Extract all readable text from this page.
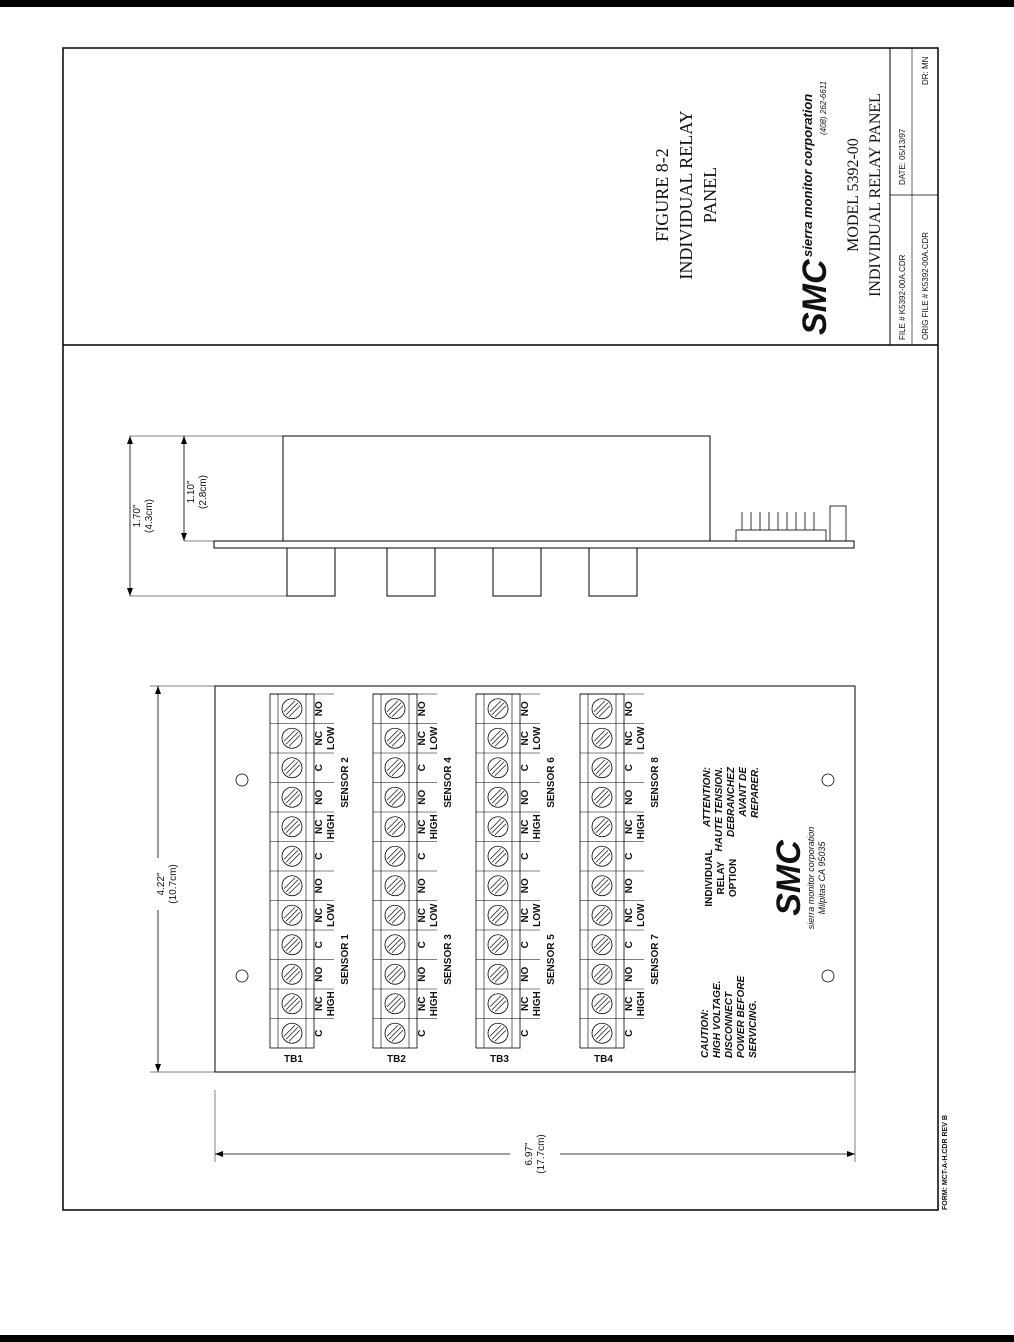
FIGURE 8-2 INDIVIDUAL RELAY PANEL
SMC
sierra monitor corporation (408) 262-6611
MODEL 5392-00 INDIVIDUAL RELAY PANEL
FILE # K5392-00A.CDR
DATE: 05/13/97
ORIG FILE # K5392-00A.CDR
DR: MN
1.70" (4.3cm)
1.10" (2.8cm)
C
NC
NO
C
NC
NO
C
NC
NO
C
NC
NO
HIGH
LOW
HIGH
LOW
SENSOR 1
SENSOR 2
TB1
C
NC
NO
C
NC
NO
C
NC
NO
C
NC
NO
HIGH
LOW
HIGH
LOW
SENSOR 3
SENSOR 4
TB2
C
NC
NO
C
NC
NO
C
NC
NO
C
NC
NO
HIGH
LOW
HIGH
LOW
SENSOR 5
SENSOR 6
TB3
C
NC
NO
C
NC
NO
C
NC
NO
C
NC
NO
HIGH
LOW
HIGH
LOW
SENSOR 7
SENSOR 8
TB4
CAUTION: HIGH VOLTAGE. DISCONNECT POWER BEFORE SERVICING.
ATTENTION: HAUTE TENSION. DEBRANCHEZ AVANT DE REPARER.
INDIVIDUAL RELAY OPTION SMC
sierra monitor corporation Milpitas CA 95035
4.22" (10.7cm)
6.97" (17.7cm)	FORM: MCT-A-H.CDR REV B
